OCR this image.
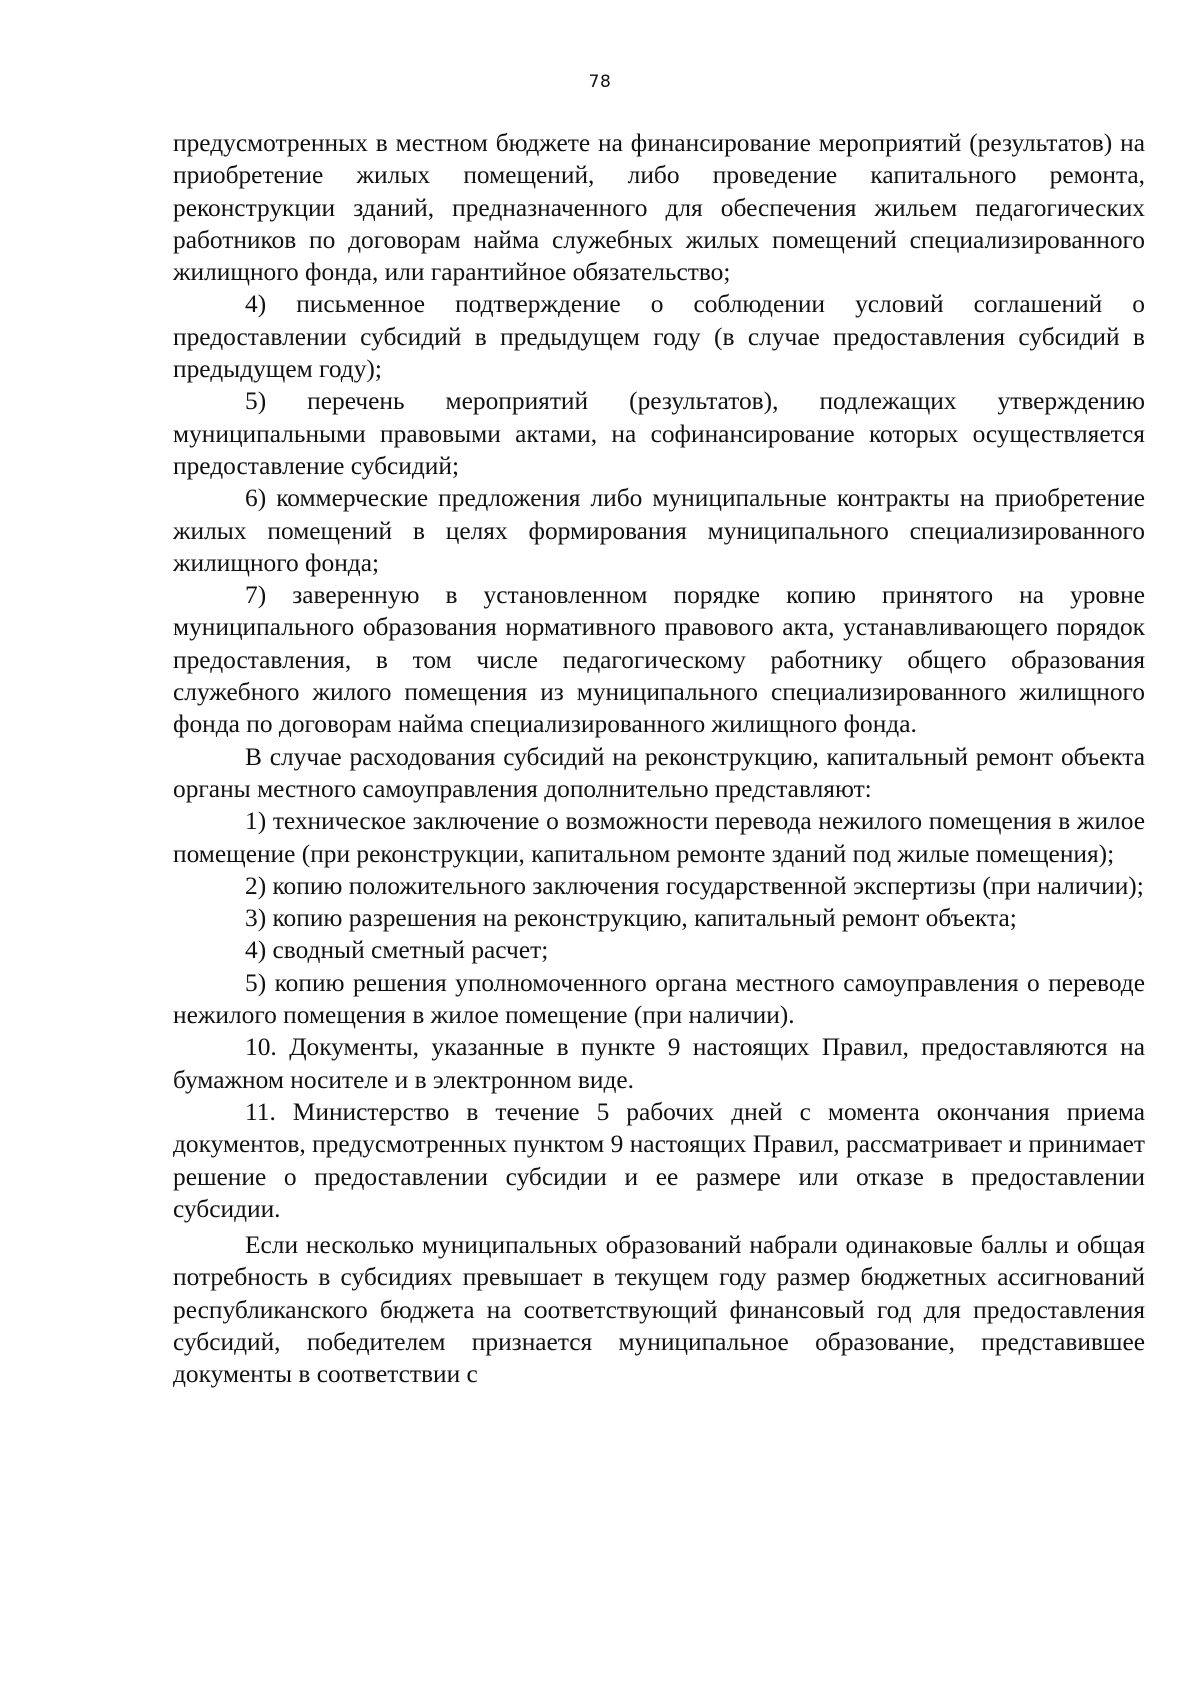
78

предусмотренных в местном бюджете на финансирование мероприятий (результатов) на приобретение жилых помещений, либо проведение капитального ремонта, реконструкции зданий, предназначенного для обеспечения жильем педагогических работников по договорам найма служебных жилых помещений специализированного жилищного фонда, или гарантийное обязательство;

4) письменное подтверждение о соблюдении условий соглашений о предоставлении субсидий в предыдущем году (в случае предоставления субсидий в предыдущем году);

5) перечень мероприятий (результатов), подлежащих утверждению муниципальными правовыми актами, на софинансирование которых осуществляется предоставление субсидий;

6) коммерческие предложения либо муниципальные контракты на приобретение жилых помещений в целях формирования муниципального специализированного жилищного фонда;

7) заверенную в установленном порядке копию принятого на уровне муниципального образования нормативного правового акта, устанавливающего порядок предоставления, в том числе педагогическому работнику общего образования служебного жилого помещения из муниципального специализированного жилищного фонда по договорам найма специализированного жилищного фонда.

В случае расходования субсидий на реконструкцию, капитальный ремонт объекта органы местного самоуправления дополнительно представляют:

1) техническое заключение о возможности перевода нежилого помещения в жилое помещение (при реконструкции, капитальном ремонте зданий под жилые помещения);

2) копию положительного заключения государственной экспертизы (при наличии);

3) копию разрешения на реконструкцию, капитальный ремонт объекта;

4) сводный сметный расчет;

5) копию решения уполномоченного органа местного самоуправления о переводе нежилого помещения в жилое помещение (при наличии).

10. Документы, указанные в пункте 9 настоящих Правил, предоставляются на бумажном носителе и в электронном виде.

11. Министерство в течение 5 рабочих дней с момента окончания приема документов, предусмотренных пунктом 9 настоящих Правил, рассматривает и принимает решение о предоставлении субсидии и ее размере или отказе в предоставлении субсидии.

Если несколько муниципальных образований набрали одинаковые баллы и общая потребность в субсидиях превышает в текущем году размер бюджетных ассигнований республиканского бюджета на соответствующий финансовый год для предоставления субсидий, победителем признается муниципальное образование, представившее документы в соответствии с
